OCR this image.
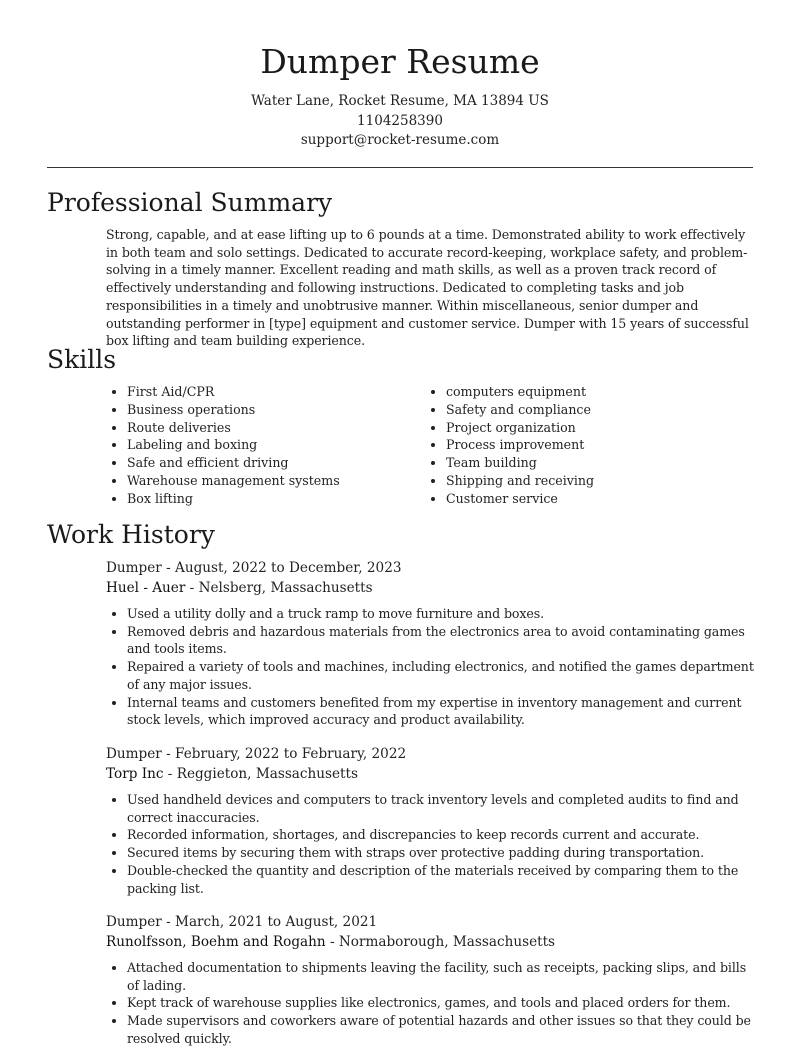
Dumper Resume
Water Lane, Rocket Resume, MA 13894 US
1104258390
support@rocket-resume.com
Professional Summary

Strong, capable, and at ease lifting up to 6 pounds at a time. Demonstrated ability to work effectively in both team and solo settings. Dedicated to accurate record-keeping, workplace safety, and problem-solving in a timely manner. Excellent reading and math skills, as well as a proven track record of effectively understanding and following instructions. Dedicated to completing tasks and job responsibilities in a timely and unobtrusive manner. Within miscellaneous, senior dumper and outstanding performer in [type] equipment and customer service. Dumper with 15 years of successful box lifting and team building experience.

Skills
• First Aid/CPR
• Business operations
• Route deliveries
• Labeling and boxing
• Safe and efficient driving
• Warehouse management systems
• Box lifting
• computers equipment
• Safety and compliance
• Project organization
• Process improvement
• Team building
• Shipping and receiving
• Customer service
Work History
Dumper - August, 2022 to December, 2023
Huel - Auer - Nelsberg, Massachusetts
• Used a utility dolly and a truck ramp to move furniture and boxes.
• Removed debris and hazardous materials from the electronics area to avoid contaminating games and tools items.
• Repaired a variety of tools and machines, including electronics, and notified the games department of any major issues.
• Internal teams and customers benefited from my expertise in inventory management and current stock levels, which improved accuracy and product availability.
Dumper - February, 2022 to February, 2022
Torp Inc - Reggieton, Massachusetts
• Used handheld devices and computers to track inventory levels and completed audits to find and correct inaccuracies.
• Recorded information, shortages, and discrepancies to keep records current and accurate.
• Secured items by securing them with straps over protective padding during transportation.
• Double-checked the quantity and description of the materials received by comparing them to the packing list.
Dumper - March, 2021 to August, 2021
Runolfsson, Boehm and Rogahn - Normaborough, Massachusetts
• Attached documentation to shipments leaving the facility, such as receipts, packing slips, and bills of lading.
• Kept track of warehouse supplies like electronics, games, and tools and placed orders for them.
• Made supervisors and coworkers aware of potential hazards and other issues so that they could be resolved quickly.
